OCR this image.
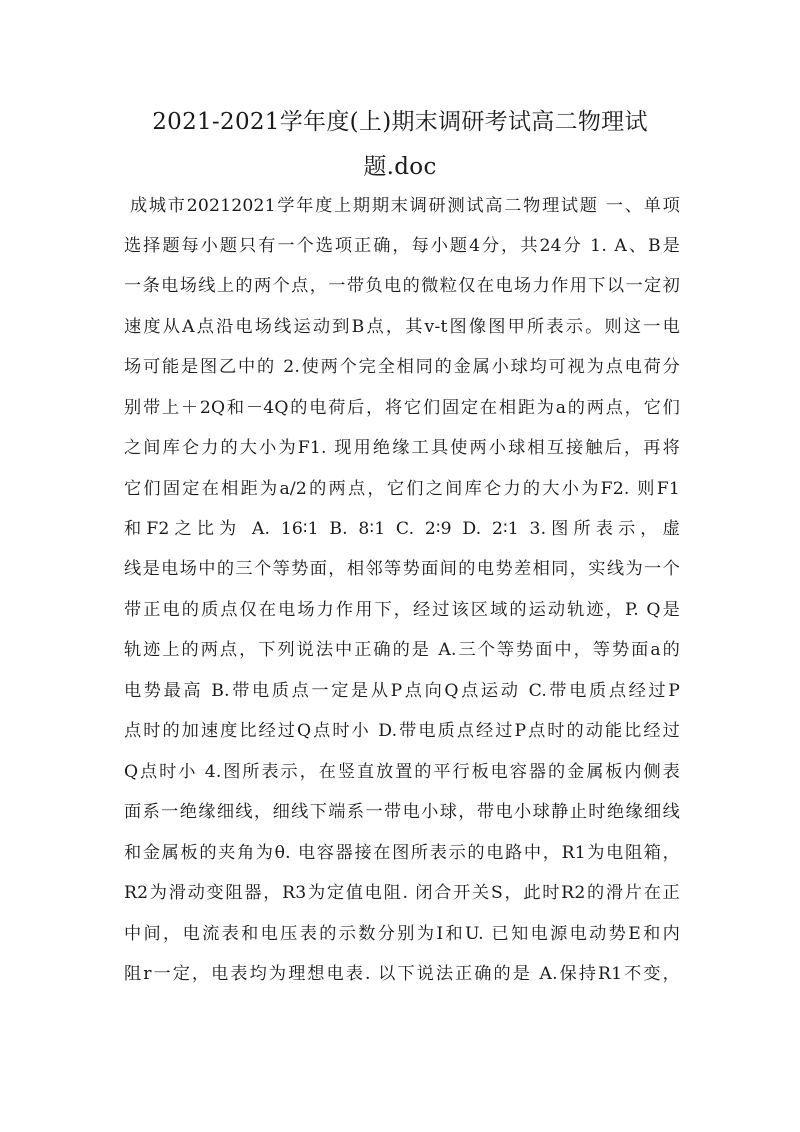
2021-2021学年度(上)期末调研考试高二物理试
题.doc
成城市20212021学年度上期期末调研测试高二物理试题 一、单项
选择题每小题只有一个选项正确，每小题4分，共24分 1. A、B是
一条电场线上的两个点，一带负电的微粒仅在电场力作用下以一定初
速度从A点沿电场线运动到B点，其v-t图像图甲所表示。则这一电
场可能是图乙中的 2.使两个完全相同的金属小球均可视为点电荷分
别带上＋2Q和－4Q的电荷后，将它们固定在相距为a的两点，它们
之间库仑力的大小为F1. 现用绝缘工具使两小球相互接触后，再将
它们固定在相距为a/2的两点，它们之间库仑力的大小为F2. 则F1
和F2之比为 A. 16∶1 B. 8∶1 C. 2∶9 D. 2∶1 3.图所表示，虚
线是电场中的三个等势面，相邻等势面间的电势差相同，实线为一个
带正电的质点仅在电场力作用下，经过该区域的运动轨迹，P. Q是
轨迹上的两点，下列说法中正确的是 A.三个等势面中，等势面a的
电势最高 B.带电质点一定是从P点向Q点运动 C.带电质点经过P
点时的加速度比经过Q点时小 D.带电质点经过P点时的动能比经过
Q点时小 4.图所表示，在竖直放置的平行板电容器的金属板内侧表
面系一绝缘细线，细线下端系一带电小球，带电小球静止时绝缘细线
和金属板的夹角为θ. 电容器接在图所表示的电路中，R1为电阻箱，
R2为滑动变阻器，R3为定值电阻. 闭合开关S，此时R2的滑片在正
中间，电流表和电压表的示数分别为I和U. 已知电源电动势E和内
阻r一定，电表均为理想电表. 以下说法正确的是 A.保持R1不变，
